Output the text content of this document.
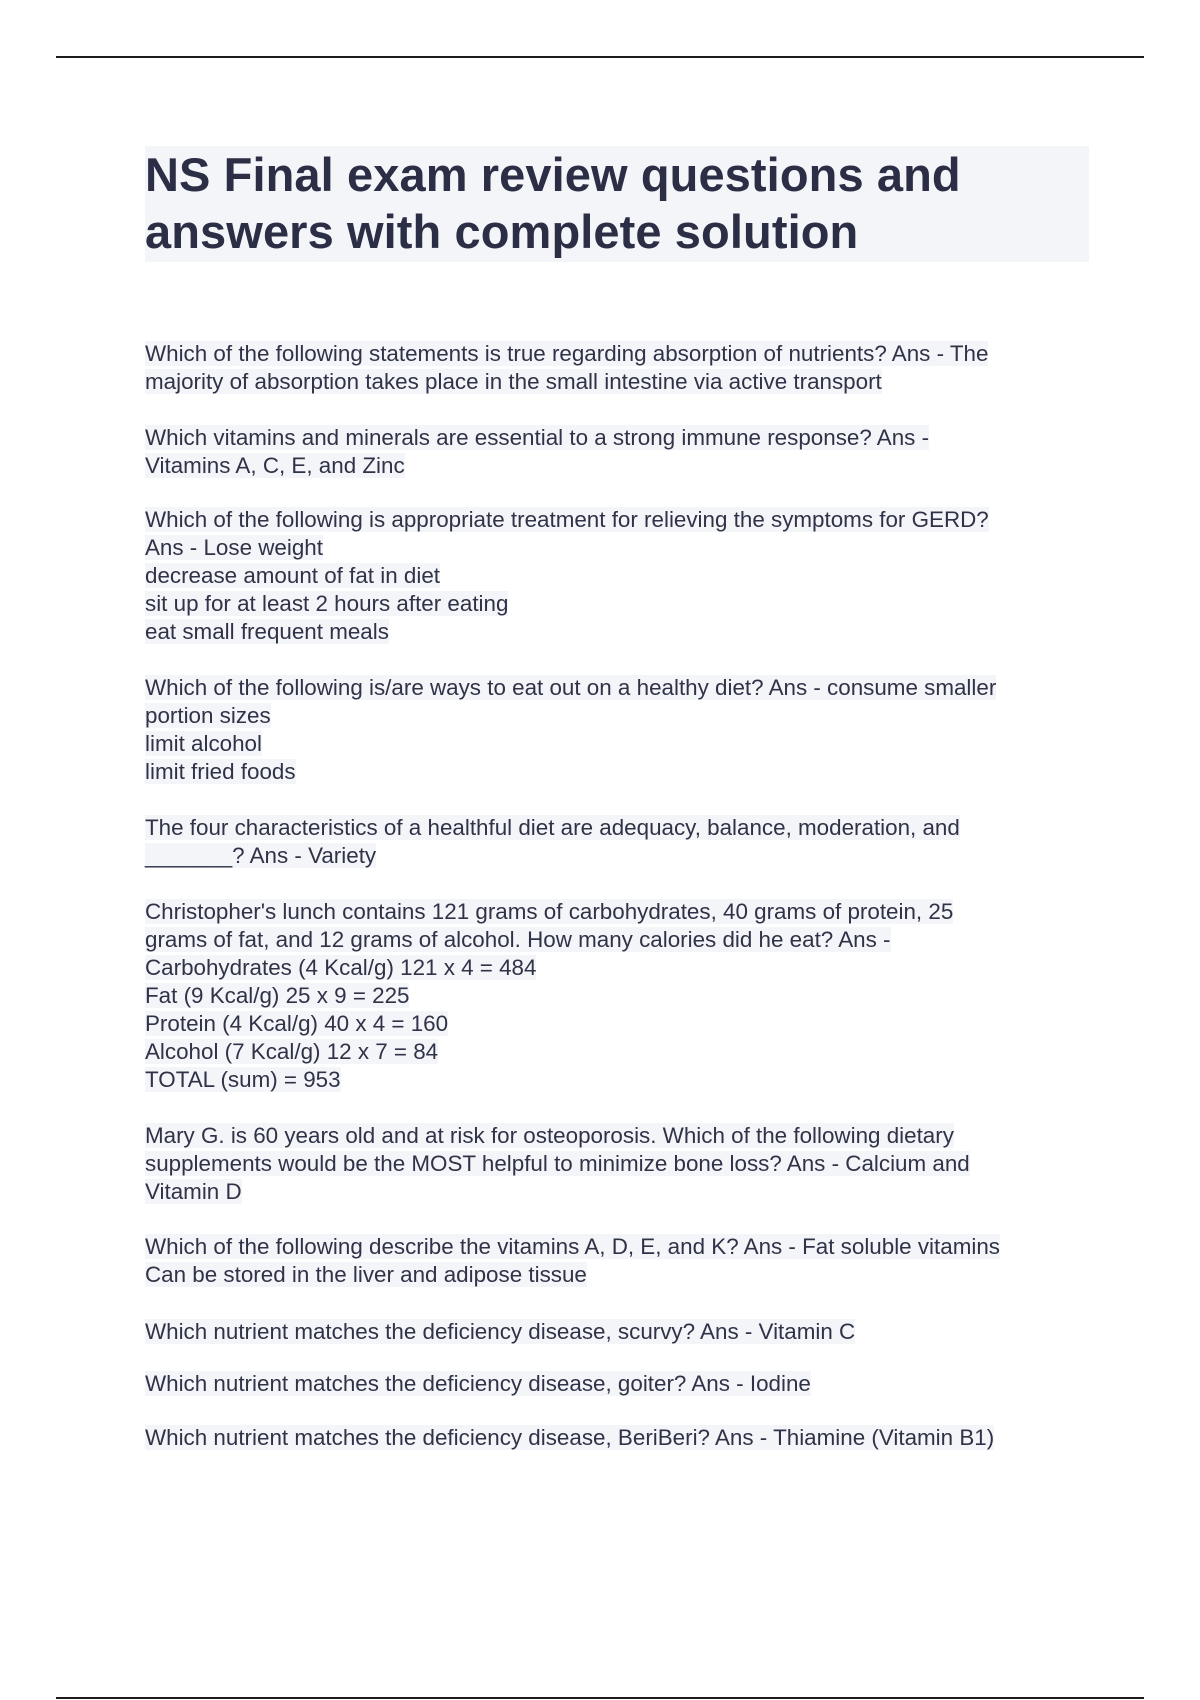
NS Final exam review questions and
answers with complete solution
Which of the following statements is true regarding absorption of nutrients? Ans - The
majority of absorption takes place in the small intestine via active transport
Which vitamins and minerals are essential to a strong immune response? Ans -
Vitamins A, C, E, and Zinc
Which of the following is appropriate treatment for relieving the symptoms for GERD?
Ans - Lose weight
decrease amount of fat in diet
sit up for at least 2 hours after eating
eat small frequent meals
Which of the following is/are ways to eat out on a healthy diet? Ans - consume smaller
portion sizes
limit alcohol
limit fried foods
The four characteristics of a healthful diet are adequacy, balance, moderation, and
_______? Ans - Variety
Christopher's lunch contains 121 grams of carbohydrates, 40 grams of protein, 25
grams of fat, and 12 grams of alcohol. How many calories did he eat? Ans -
Carbohydrates (4 Kcal/g) 121 x 4 = 484
Fat (9 Kcal/g) 25 x 9 = 225
Protein (4 Kcal/g) 40 x 4 = 160
Alcohol (7 Kcal/g) 12 x 7 = 84
TOTAL (sum) = 953
Mary G. is 60 years old and at risk for osteoporosis. Which of the following dietary
supplements would be the MOST helpful to minimize bone loss? Ans - Calcium and
Vitamin D
Which of the following describe the vitamins A, D, E, and K? Ans - Fat soluble vitamins
Can be stored in the liver and adipose tissue
Which nutrient matches the deficiency disease, scurvy? Ans - Vitamin C
Which nutrient matches the deficiency disease, goiter? Ans - Iodine
Which nutrient matches the deficiency disease, BeriBeri? Ans - Thiamine (Vitamin B1)
